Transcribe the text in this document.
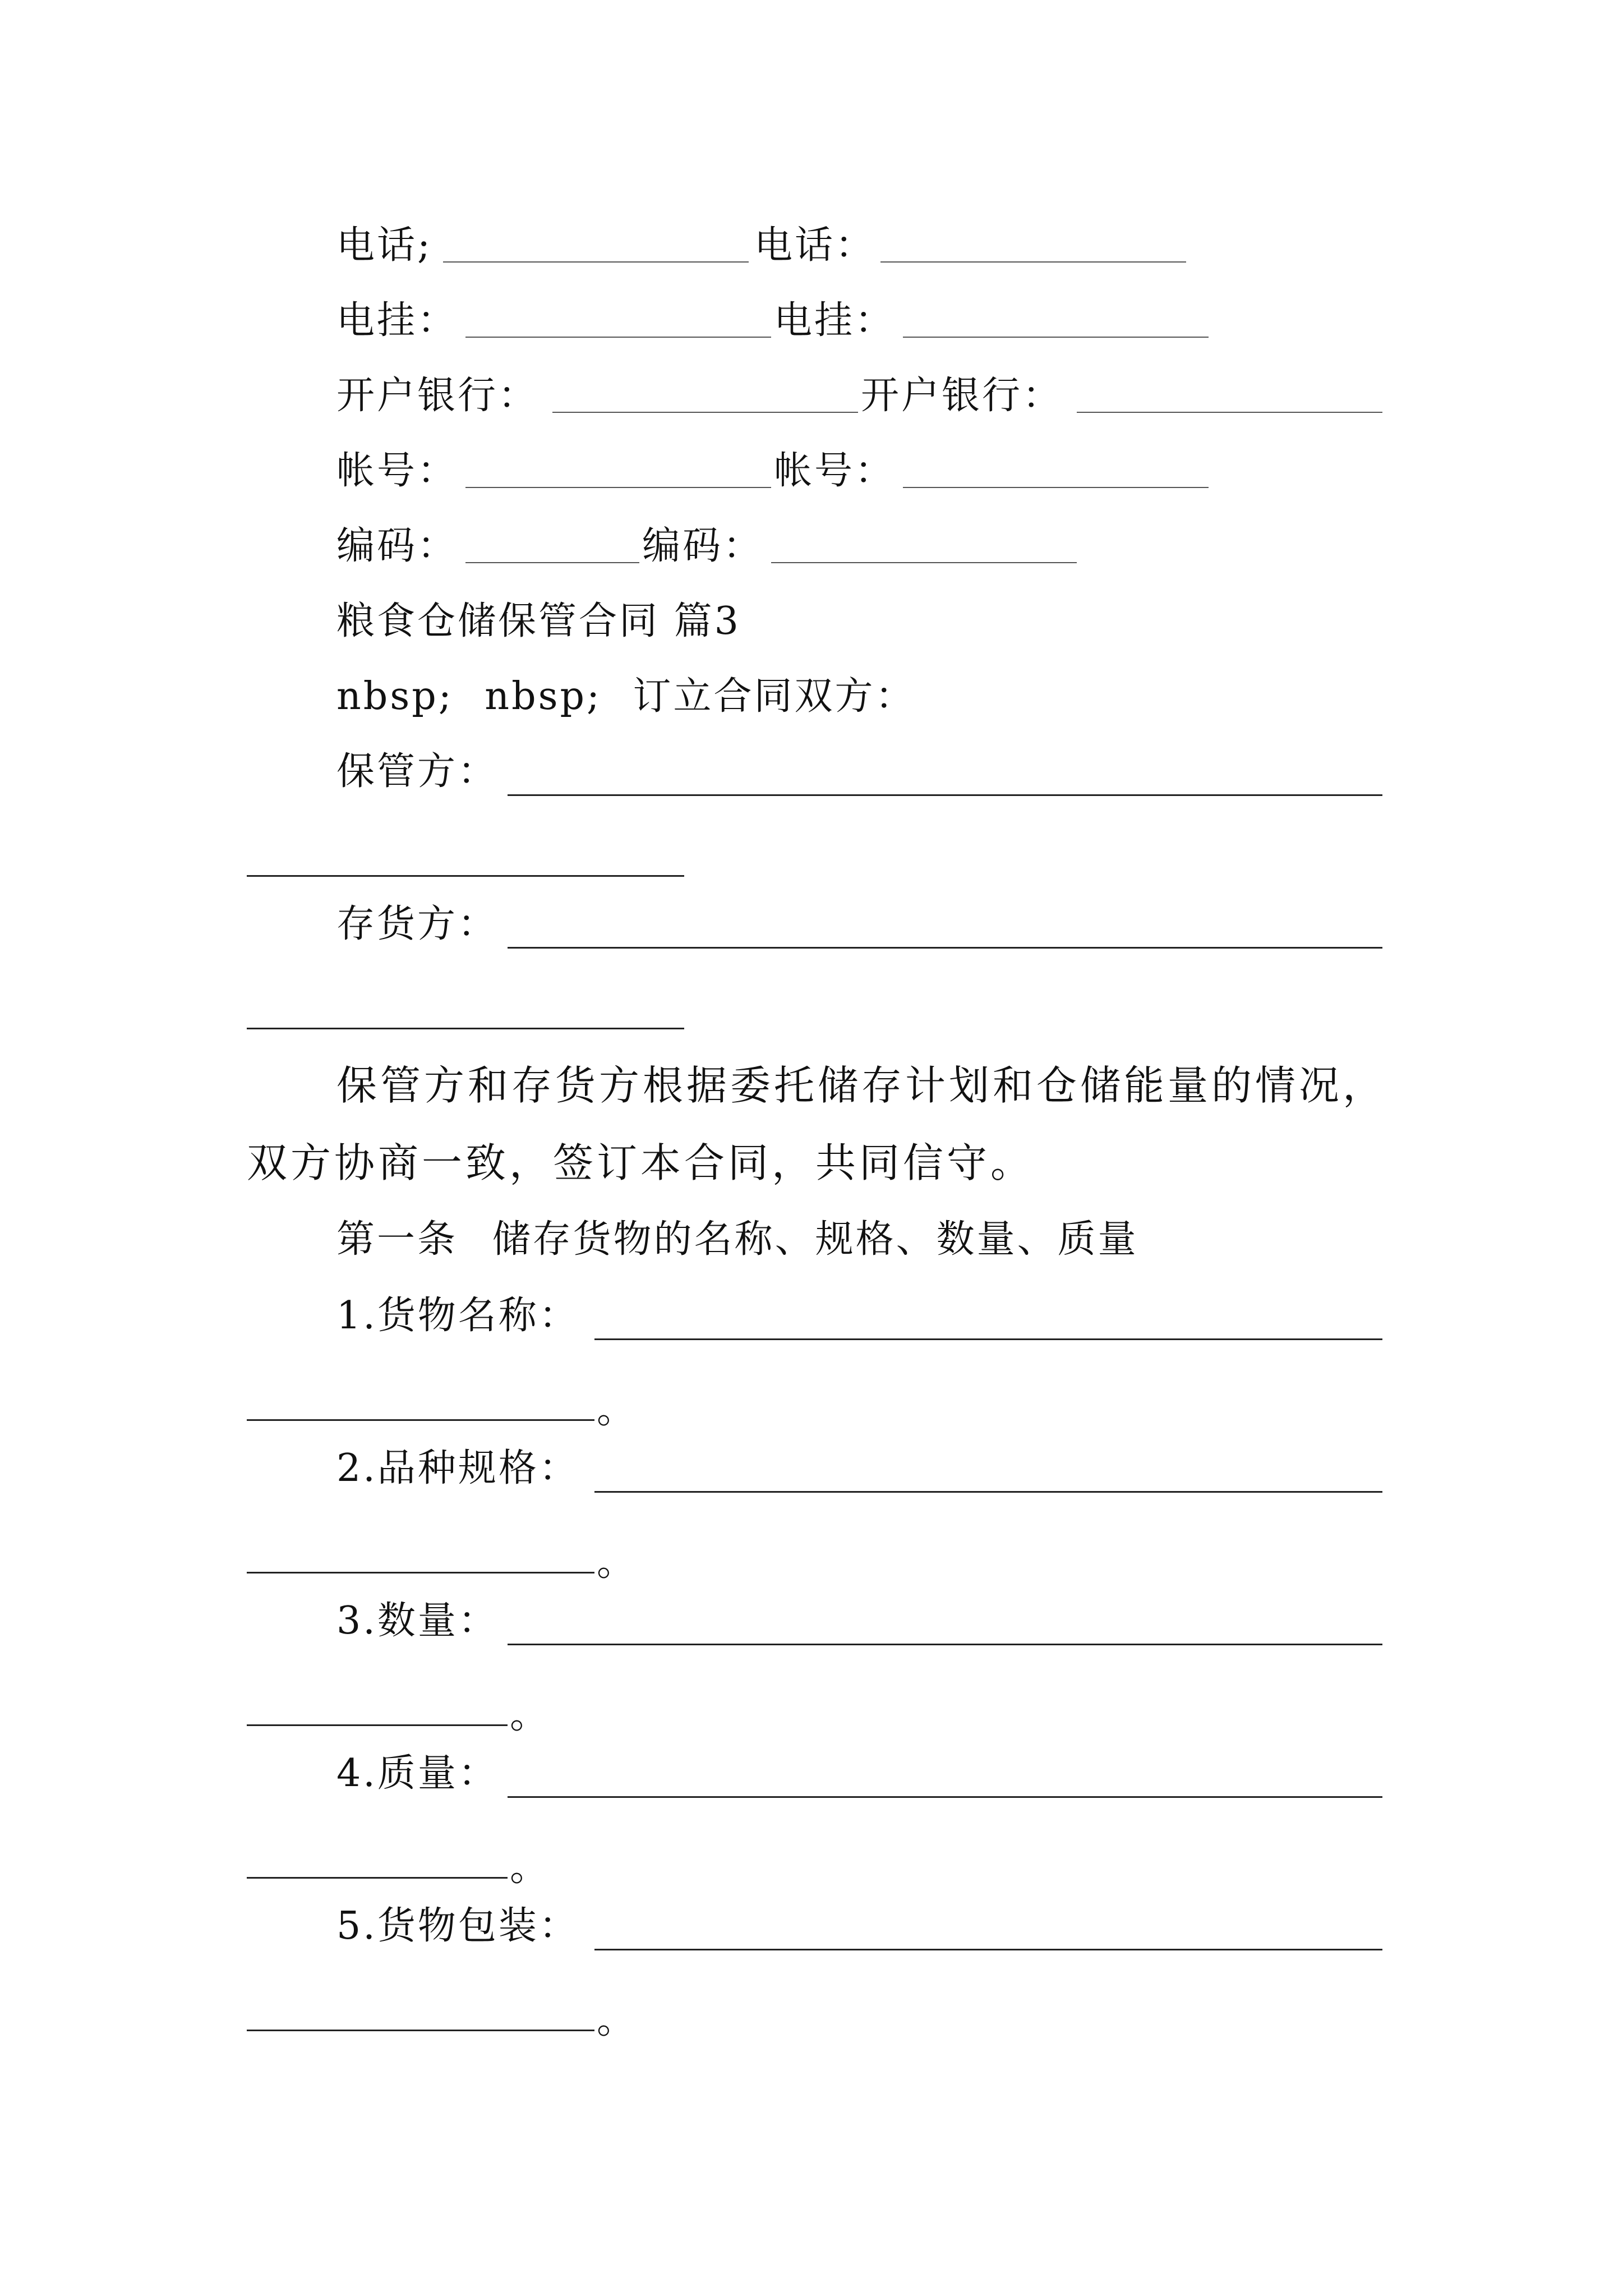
电话;	电话：
电挂：	电挂：
开户银行：	开户银行：
帐号：	帐号：
编码：	编码：
粮食仓储保管合同 篇3
nbsp; nbsp; 订立合同双方：
保管方：
存货方：
保管方和存货方根据委托储存计划和仓储能量的情况，
双方协商一致，签订本合同，共同信守。
第一条 储存货物的名称、规格、数量、质量
1.货物名称：
。
2.品种规格：
。
3.数量：
。
4.质量：
。
5.货物包装：
。
